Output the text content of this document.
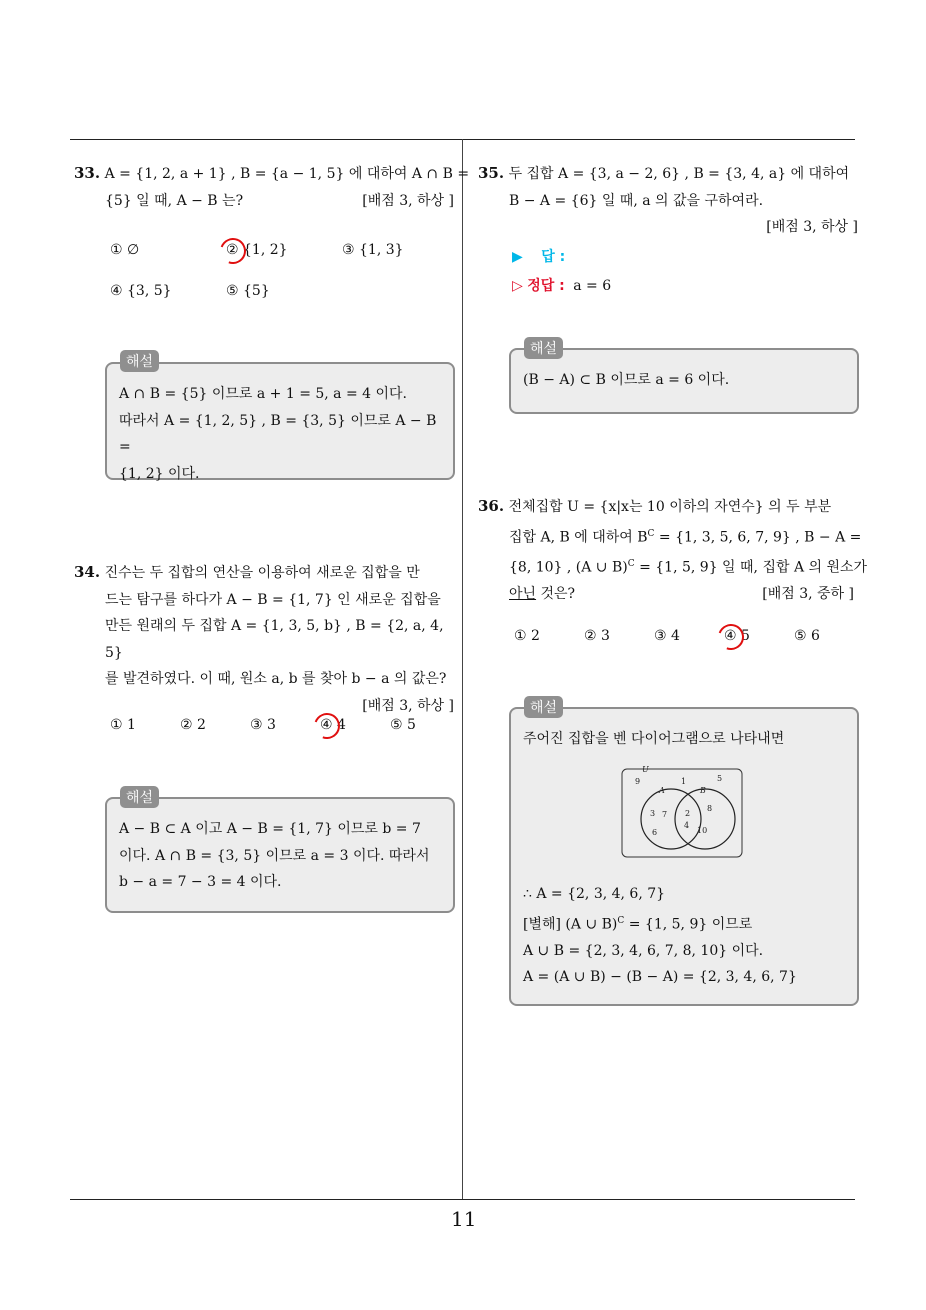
11
33. A = {1, 2, a + 1} , B = {a − 1, 5} 에 대하여 A ∩ B =
{5} 일 때, A − B 는?	[배점 3, 하상 ]
① ∅	② {1, 2}	③ {1, 3}
④ {3, 5}	⑤ {5}
해설
A ∩ B = {5} 이므로 a + 1 = 5, a = 4 이다.
따라서 A = {1, 2, 5} , B = {3, 5} 이므로 A − B =
{1, 2} 이다.
34. 진수는 두 집합의 연산을 이용하여 새로운 집합을 만
드는 탐구를 하다가 A − B = {1, 7} 인 새로운 집합을
만든 원래의 두 집합 A = {1, 3, 5, b} , B = {2, a, 4, 5}
를 발견하였다. 이 때, 원소 a, b 를 찾아 b − a 의 값은?
[배점 3, 하상 ]
① 1	② 2	③ 3	④ 4	⑤ 5
해설
A − B ⊂ A 이고 A − B = {1, 7} 이므로 b = 7
이다. A ∩ B = {3, 5} 이므로 a = 3 이다. 따라서
b − a = 7 − 3 = 4 이다.
35. 두 집합 A = {3, a − 2, 6} , B = {3, 4, a} 에 대하여
B − A = {6} 일 때, a 의 값을 구하여라.
[배점 3, 하상 ]
▶ 답 :
▷ 정답 : a = 6
해설
(B − A) ⊂ B 이므로 a = 6 이다.
36. 전체집합 U = {x|x는 10 이하의 자연수} 의 두 부분
집합 A, B 에 대하여 $B^C = \{1$, 3, 5, 6, 7, 9} , B − A =
{8, 10} , (A ∪ B)$^C$ = {1, 5, 9} 일 때, 집합 A 의 원소가
아닌 것은?	[배점 3, 중하 ]
① 2	② 3	③ 4	④ 5	⑤ 6
해설
주어진 집합을 벤 다이어그램으로 나타내면
U
A	B
9	1	5
3 7
6
2
4
8
10
∴ A = {2, 3, 4, 6, 7}
[별해] (A ∪ B)$^C$ = {1, 5, 9} 이므로
A ∪ B = {2, 3, 4, 6, 7, 8, 10} 이다.
A = (A ∪ B) − (B − A) = {2, 3, 4, 6, 7}
